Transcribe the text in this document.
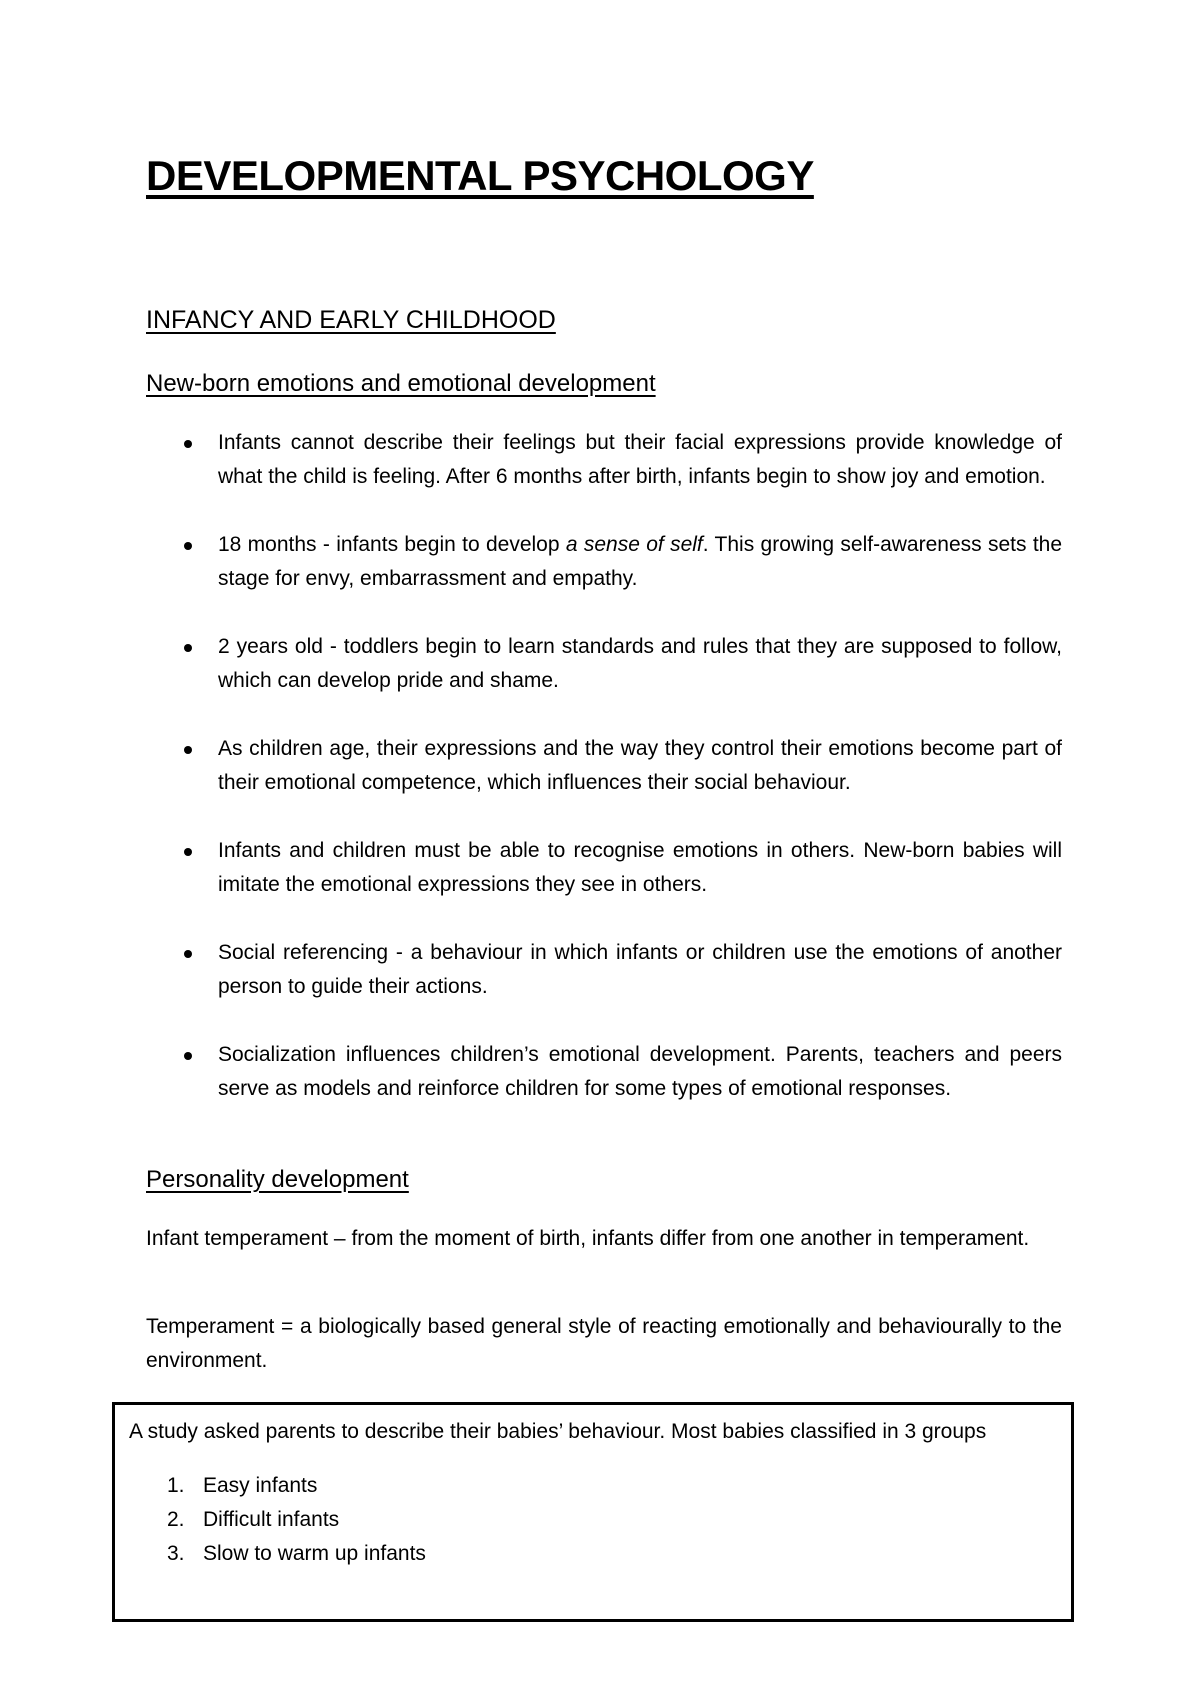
DEVELOPMENTAL PSYCHOLOGY
INFANCY AND EARLY CHILDHOOD
New-born emotions and emotional development
Infants cannot describe their feelings but their facial expressions provide knowledge of what the child is feeling. After 6 months after birth, infants begin to show joy and emotion.
18 months - infants begin to develop a sense of self. This growing self-awareness sets the stage for envy, embarrassment and empathy.
2 years old - toddlers begin to learn standards and rules that they are supposed to follow, which can develop pride and shame.
As children age, their expressions and the way they control their emotions become part of their emotional competence, which influences their social behaviour.
Infants and children must be able to recognise emotions in others. New-born babies will imitate the emotional expressions they see in others.
Social referencing - a behaviour in which infants or children use the emotions of another person to guide their actions.
Socialization influences children’s emotional development. Parents, teachers and peers serve as models and reinforce children for some types of emotional responses.
Personality development

Infant temperament – from the moment of birth, infants differ from one another in temperament.

Temperament = a biologically based general style of reacting emotionally and behaviourally to the environment.

A study asked parents to describe their babies’ behaviour. Most babies classified in 3 groups
1. Easy infants
2. Difficult infants
3. Slow to warm up infants
